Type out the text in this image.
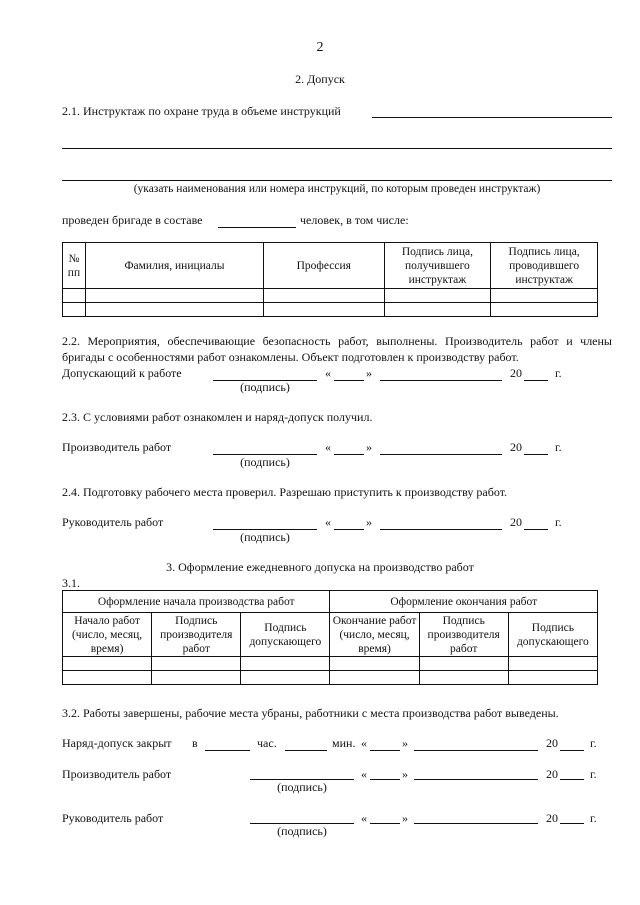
2
2. Допуск
2.1. Инструктаж по охране труда в объеме инструкций
(указать наименования или номера инструкций, по которым проведен инструктаж)
проведен бригаде в составе	человек, в том числе:
№ пп	Фамилия, инициалы	Профессия	Подпись лица, получившего инструктаж	Подпись лица, проводившего инструктаж

2.2. Мероприятия, обеспечивающие безопасность работ, выполнены. Производитель работ и члены бригады с особенностями работ ознакомлены. Объект подготовлен к производству работ.
Допускающий к работе	«	»	20	г.
(подпись)
2.3. С условиями работ ознакомлен и наряд-допуск получил.
Производитель работ	«	»	20	г.
(подпись)
2.4. Подготовку рабочего места проверил. Разрешаю приступить к производству работ.
Руководитель работ	«	»	20	г.
(подпись)
3. Оформление ежедневного допуска на производство работ
3.1.
Оформление начала производства работ			Оформление окончания работ		
Начало работ (число, месяц, время)	Подпись производителя работ	Подпись допускающего	Окончание работ (число, месяц, время)	Подпись производителя работ	Подпись допускающего

3.2. Работы завершены, рабочие места убраны, работники с места производства работ выведены.
Наряд-допуск закрыт в	час.	мин. «	»	20	г.
Производитель работ	«	»	20	г.
(подпись)
Руководитель работ	«	»	20	г.
(подпись)
